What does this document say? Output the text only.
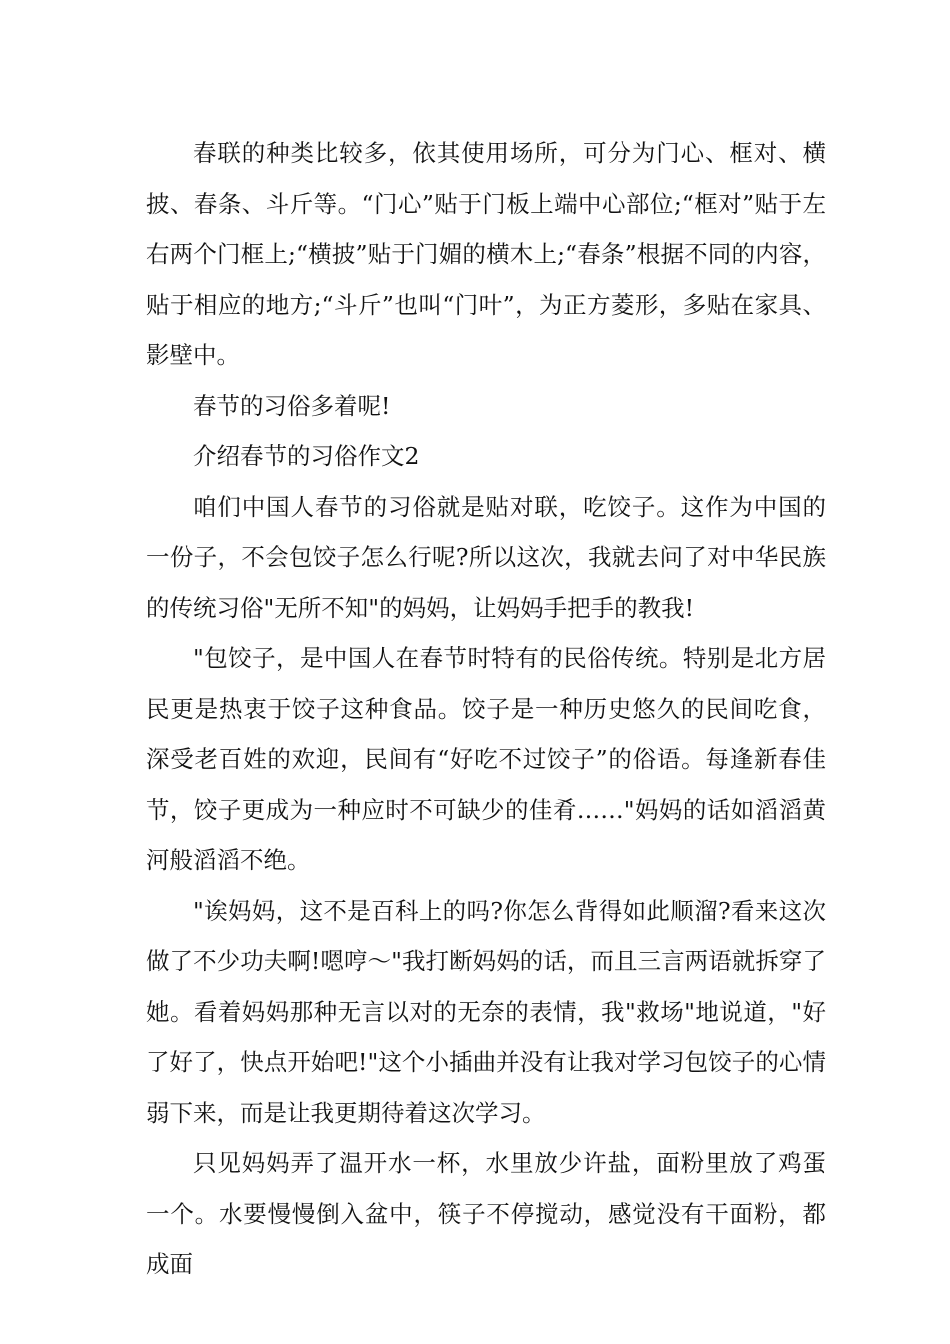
春联的种类比较多，依其使用场所，可分为门心、框对、横披、春条、斗斤等。“门心”贴于门板上端中心部位;“框对”贴于左右两个门框上;“横披”贴于门媚的横木上;“春条”根据不同的内容，贴于相应的地方;“斗斤”也叫“门叶”，为正方菱形，多贴在家具、影壁中。

春节的习俗多着呢!

介绍春节的习俗作文2

咱们中国人春节的习俗就是贴对联，吃饺子。这作为中国的一份子，不会包饺子怎么行呢?所以这次，我就去问了对中华民族的传统习俗"无所不知"的妈妈，让妈妈手把手的教我!

"包饺子，是中国人在春节时特有的民俗传统。特别是北方居民更是热衷于饺子这种食品。饺子是一种历史悠久的民间吃食，深受老百姓的欢迎，民间有“好吃不过饺子”的俗语。每逢新春佳节，饺子更成为一种应时不可缺少的佳肴……"妈妈的话如滔滔黄河般滔滔不绝。

"诶妈妈，这不是百科上的吗?你怎么背得如此顺溜?看来这次做了不少功夫啊!嗯哼～"我打断妈妈的话，而且三言两语就拆穿了她。看着妈妈那种无言以对的无奈的表情，我"救场"地说道，"好了好了，快点开始吧!"这个小插曲并没有让我对学习包饺子的心情弱下来，而是让我更期待着这次学习。

只见妈妈弄了温开水一杯，水里放少许盐，面粉里放了鸡蛋一个。水要慢慢倒入盆中，筷子不停搅动，感觉没有干面粉，都成面
